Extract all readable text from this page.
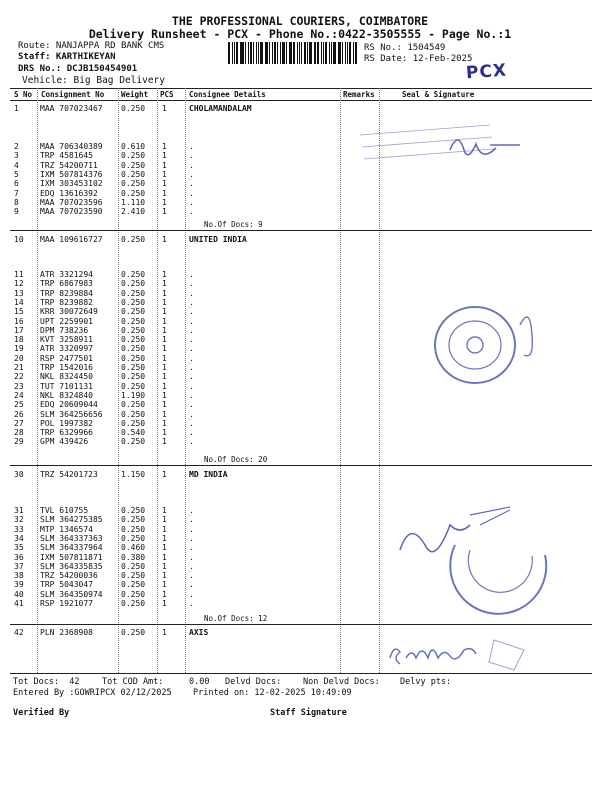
THE PROFESSIONAL COURIERS, COIMBATORE
Delivery Runsheet - PCX - Phone No.:0422-3505555 - Page No.:1
Route: NANJAPPA RD BANK CMS
Staff: KARTHIKEYAN
DRS No.: DCJB150454901
Vehicle: Big Bag Delivery
RS No.: 1504549
RS Date: 12-Feb-2025
PCX
S No Consignment No Weight PCS Consignee Details	Remarks	Seal & Signature
CHOLAMANDALAM
1	MAA 707023467 0.250 1
2	MAA 706340389 0.610 1	.
3	TRP 4581645	0.250 1	.
4	TRZ 54200711	0.250 1	.
5	IXM 507814376 0.250 1	.
6	IXM 303453102 0.250 1	.
7	EDQ 13616392	0.250 1	.
8	MAA 707023596 1.110 1	.
9	MAA 707023590 2.410 1	.
No.Of Docs: 9
UNITED INDIA
10 MAA 109616727 0.250 1
11 ATR 3321294	0.250 1	.
12 TRP 6867983	0.250 1	.
13 TRP 8239884	0.250 1	.
14 TRP 8239882	0.250 1	.
15 KRR 30072649	0.250 1	.
16 UPT 2259901	0.250 1	.
17 DPM 738236	0.250 1	.
18 KVT 3258911	0.250 1	.
19 ATR 3320997	0.250 1	.
20 RSP 2477501	0.250 1	.
21 TRP 1542016	0.250 1	.
22 NKL 8324450	0.250 1	.
23 TUT 7101131	0.250 1	.
24 NKL 8324840	1.190 1	.
25 EDQ 20609044	0.250 1	.
26 SLM 364256656 0.250 1	.
27 POL 1997382	0.250 1	.
28 TRP 6329966	0.540 1	.
29 GPM 439426	0.250 1	.
No.Of Docs: 20
MD INDIA
30 TRZ 54201723	1.150 1
31 TVL 610755	0.250 1	.
32 SLM 364275385 0.250 1	.
33 MTP 1346574	0.250 1	.
34 SLM 364337363 0.250 1	.
35 SLM 364337964 0.460 1	.
36 IXM 507811871 0.380 1	.
37 SLM 364335835 0.250 1	.
38 TRZ 54200036	0.250 1	.
39 TRP 5043047	0.250 1	.
40 SLM 364350974 0.250 1	.
41 RSP 1921077	0.250 1	.
No.Of Docs: 12
AXIS
42 PLN 2368908	0.250 1
Tot Docs:  42	Tot COD Amt:     0.00 Delvd Docs:	Non Delvd Docs: Delvy pts:
Entered By :GOWRIPCX 02/12/2025	Printed on: 12-02-2025 10:49:09
Verified By	Staff Signature
